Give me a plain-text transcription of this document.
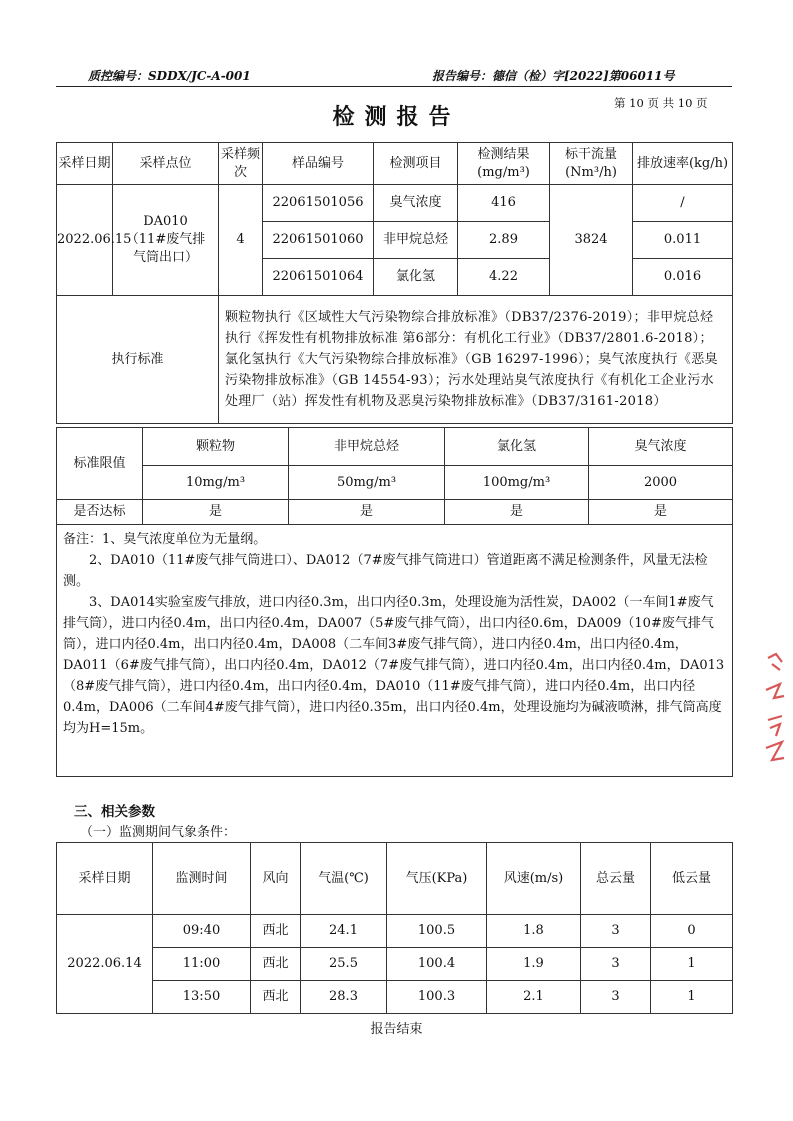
质控编号：SDDX/JC-A-001	报告编号：德信（检）字[2022]第06011号
检测报告
第 10 页 共 10 页
采样日期	采样点位	采样频次	样品编号	检测项目	检测结果(mg/m³)	标干流量(Nm³/h)	排放速率(kg/h)
2022.06.15	DA010（11#废气排气筒出口）	4	22061501056	臭气浓度	416	3824	/
			22061501060	非甲烷总烃	2.89		0.011
			22061501064	氯化氢	4.22		0.016
执行标准		颗粒物执行《区域性大气污染物综合排放标准》（DB37/2376-2019）；非甲烷总烃执行《挥发性有机物排放标准 第6部分：有机化工行业》（DB37/2801.6-2018）；氯化氢执行《大气污染物综合排放标准》（GB 16297-1996）；臭气浓度执行《恶臭污染物排放标准》（GB 14554-93）；污水处理站臭气浓度执行《有机化工企业污水处理厂（站）挥发性有机物及恶臭污染物排放标准》（DB37/3161-2018）					
标准限值	颗粒物	非甲烷总烃	氯化氢	臭气浓度
	10mg/m³	50mg/m³	100mg/m³	2000
是否达标	是	是	是	是

备注：1、臭气浓度单位为无量纲。

2、DA010（11#废气排气筒进口）、DA012（7#废气排气筒进口）管道距离不满足检测条件，风量无法检测。

3、DA014实验室废气排放，进口内径0.3m，出口内径0.3m，处理设施为活性炭，DA002（一车间1#废气排气筒），进口内径0.4m，出口内径0.4m，DA007（5#废气排气筒），出口内径0.6m，DA009（10#废气排气筒），进口内径0.4m，出口内径0.4m，DA008（二车间3#废气排气筒），进口内径0.4m，出口内径0.4m，DA011（6#废气排气筒），出口内径0.4m，DA012（7#废气排气筒），进口内径0.4m，出口内径0.4m，DA013（8#废气排气筒），进口内径0.4m，出口内径0.4m，DA010（11#废气排气筒），进口内径0.4m，出口内径0.4m，DA006（二车间4#废气排气筒），进口内径0.35m，出口内径0.4m，处理设施均为碱液喷淋，排气筒高度均为H=15m。				

三、相关参数
（一）监测期间气象条件：
采样日期	监测时间	风向	气温(℃)	气压(KPa)	风速(m/s)	总云量	低云量
2022.06.14	09:40	西北	24.1	100.5	1.8	3	0
	11:00	西北	25.5	100.4	1.9	3	1
	13:50	西北	28.3	100.3	2.1	3	1
报告结束
